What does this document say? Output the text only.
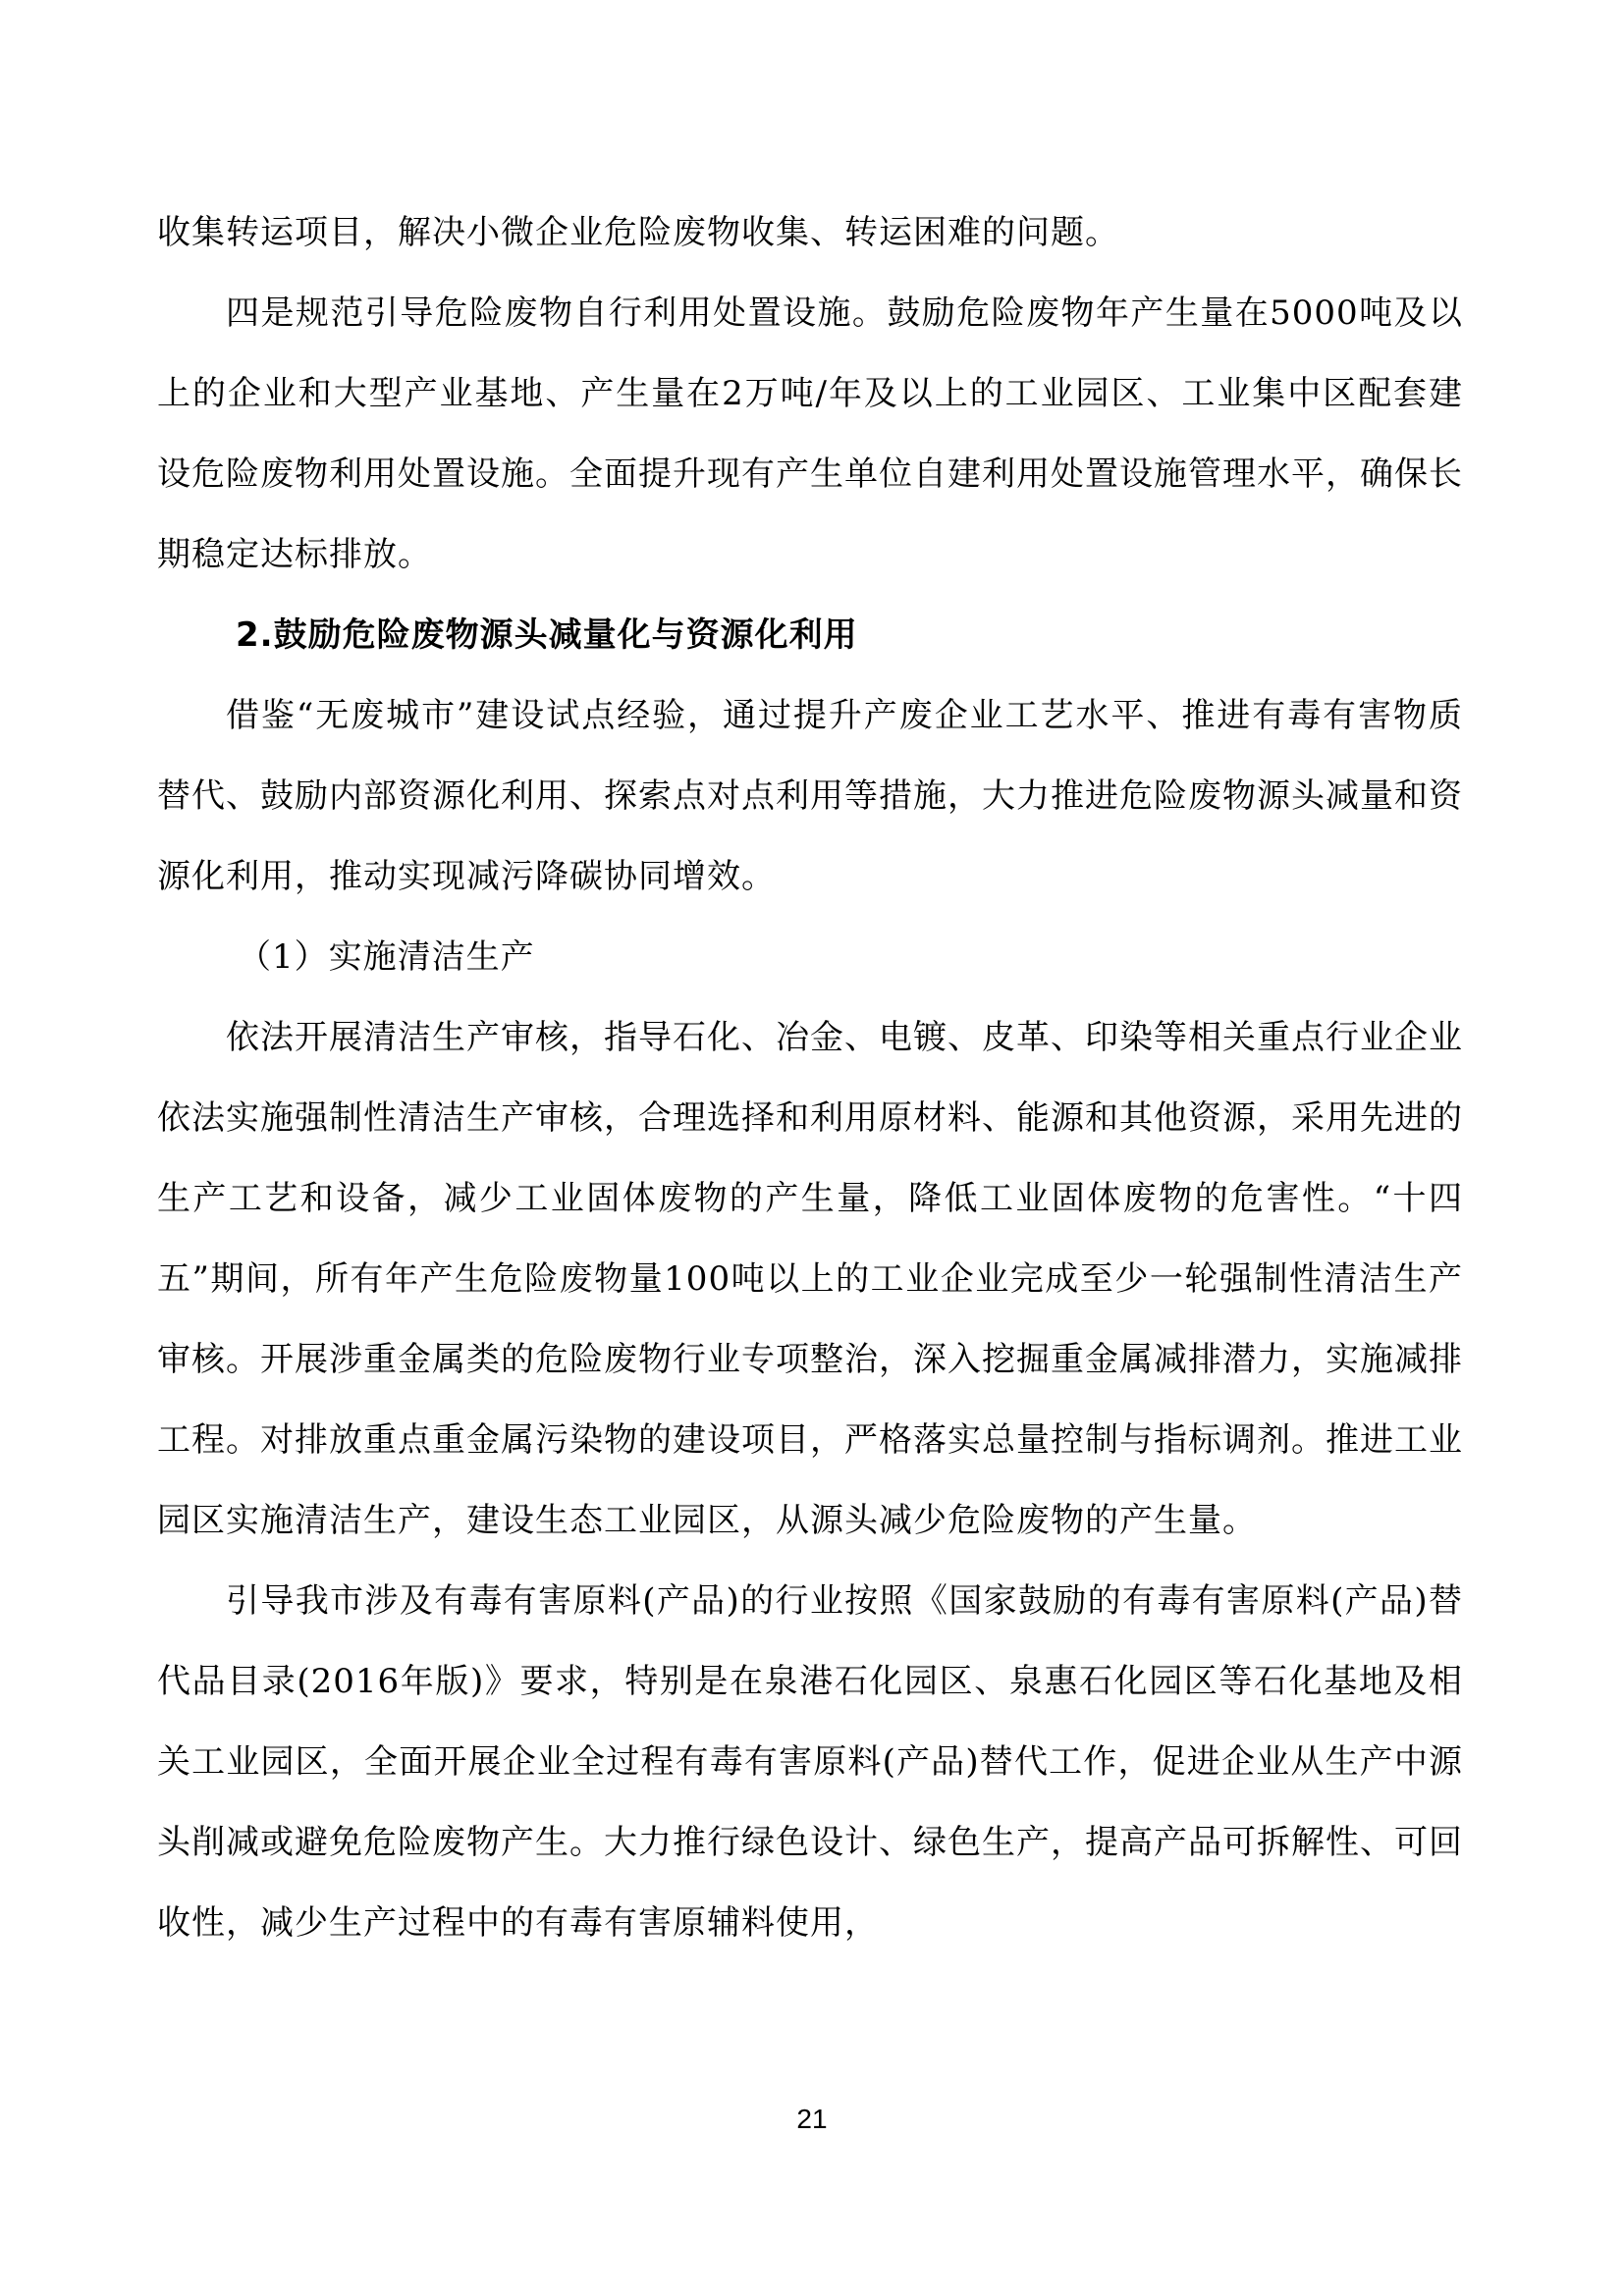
收集转运项目，解决小微企业危险废物收集、转运困难的问题。

四是规范引导危险废物自行利用处置设施。鼓励危险废物年产生量在5000吨及以上的企业和大型产业基地、产生量在2万吨/年及以上的工业园区、工业集中区配套建设危险废物利用处置设施。全面提升现有产生单位自建利用处置设施管理水平，确保长期稳定达标排放。

2.鼓励危险废物源头减量化与资源化利用

借鉴“无废城市”建设试点经验，通过提升产废企业工艺水平、推进有毒有害物质替代、鼓励内部资源化利用、探索点对点利用等措施，大力推进危险废物源头减量和资源化利用，推动实现减污降碳协同增效。

（1）实施清洁生产

依法开展清洁生产审核，指导石化、冶金、电镀、皮革、印染等相关重点行业企业依法实施强制性清洁生产审核，合理选择和利用原材料、能源和其他资源，采用先进的生产工艺和设备，减少工业固体废物的产生量，降低工业固体废物的危害性。“十四五”期间，所有年产生危险废物量100吨以上的工业企业完成至少一轮强制性清洁生产审核。开展涉重金属类的危险废物行业专项整治，深入挖掘重金属减排潜力，实施减排工程。对排放重点重金属污染物的建设项目，严格落实总量控制与指标调剂。推进工业园区实施清洁生产，建设生态工业园区，从源头减少危险废物的产生量。

引导我市涉及有毒有害原料(产品)的行业按照《国家鼓励的有毒有害原料(产品)替代品目录(2016年版)》要求，特别是在泉港石化园区、泉惠石化园区等石化基地及相关工业园区，全面开展企业全过程有毒有害原料(产品)替代工作，促进企业从生产中源头削减或避免危险废物产生。大力推行绿色设计、绿色生产，提高产品可拆解性、可回收性，减少生产过程中的有毒有害原辅料使用，

21
